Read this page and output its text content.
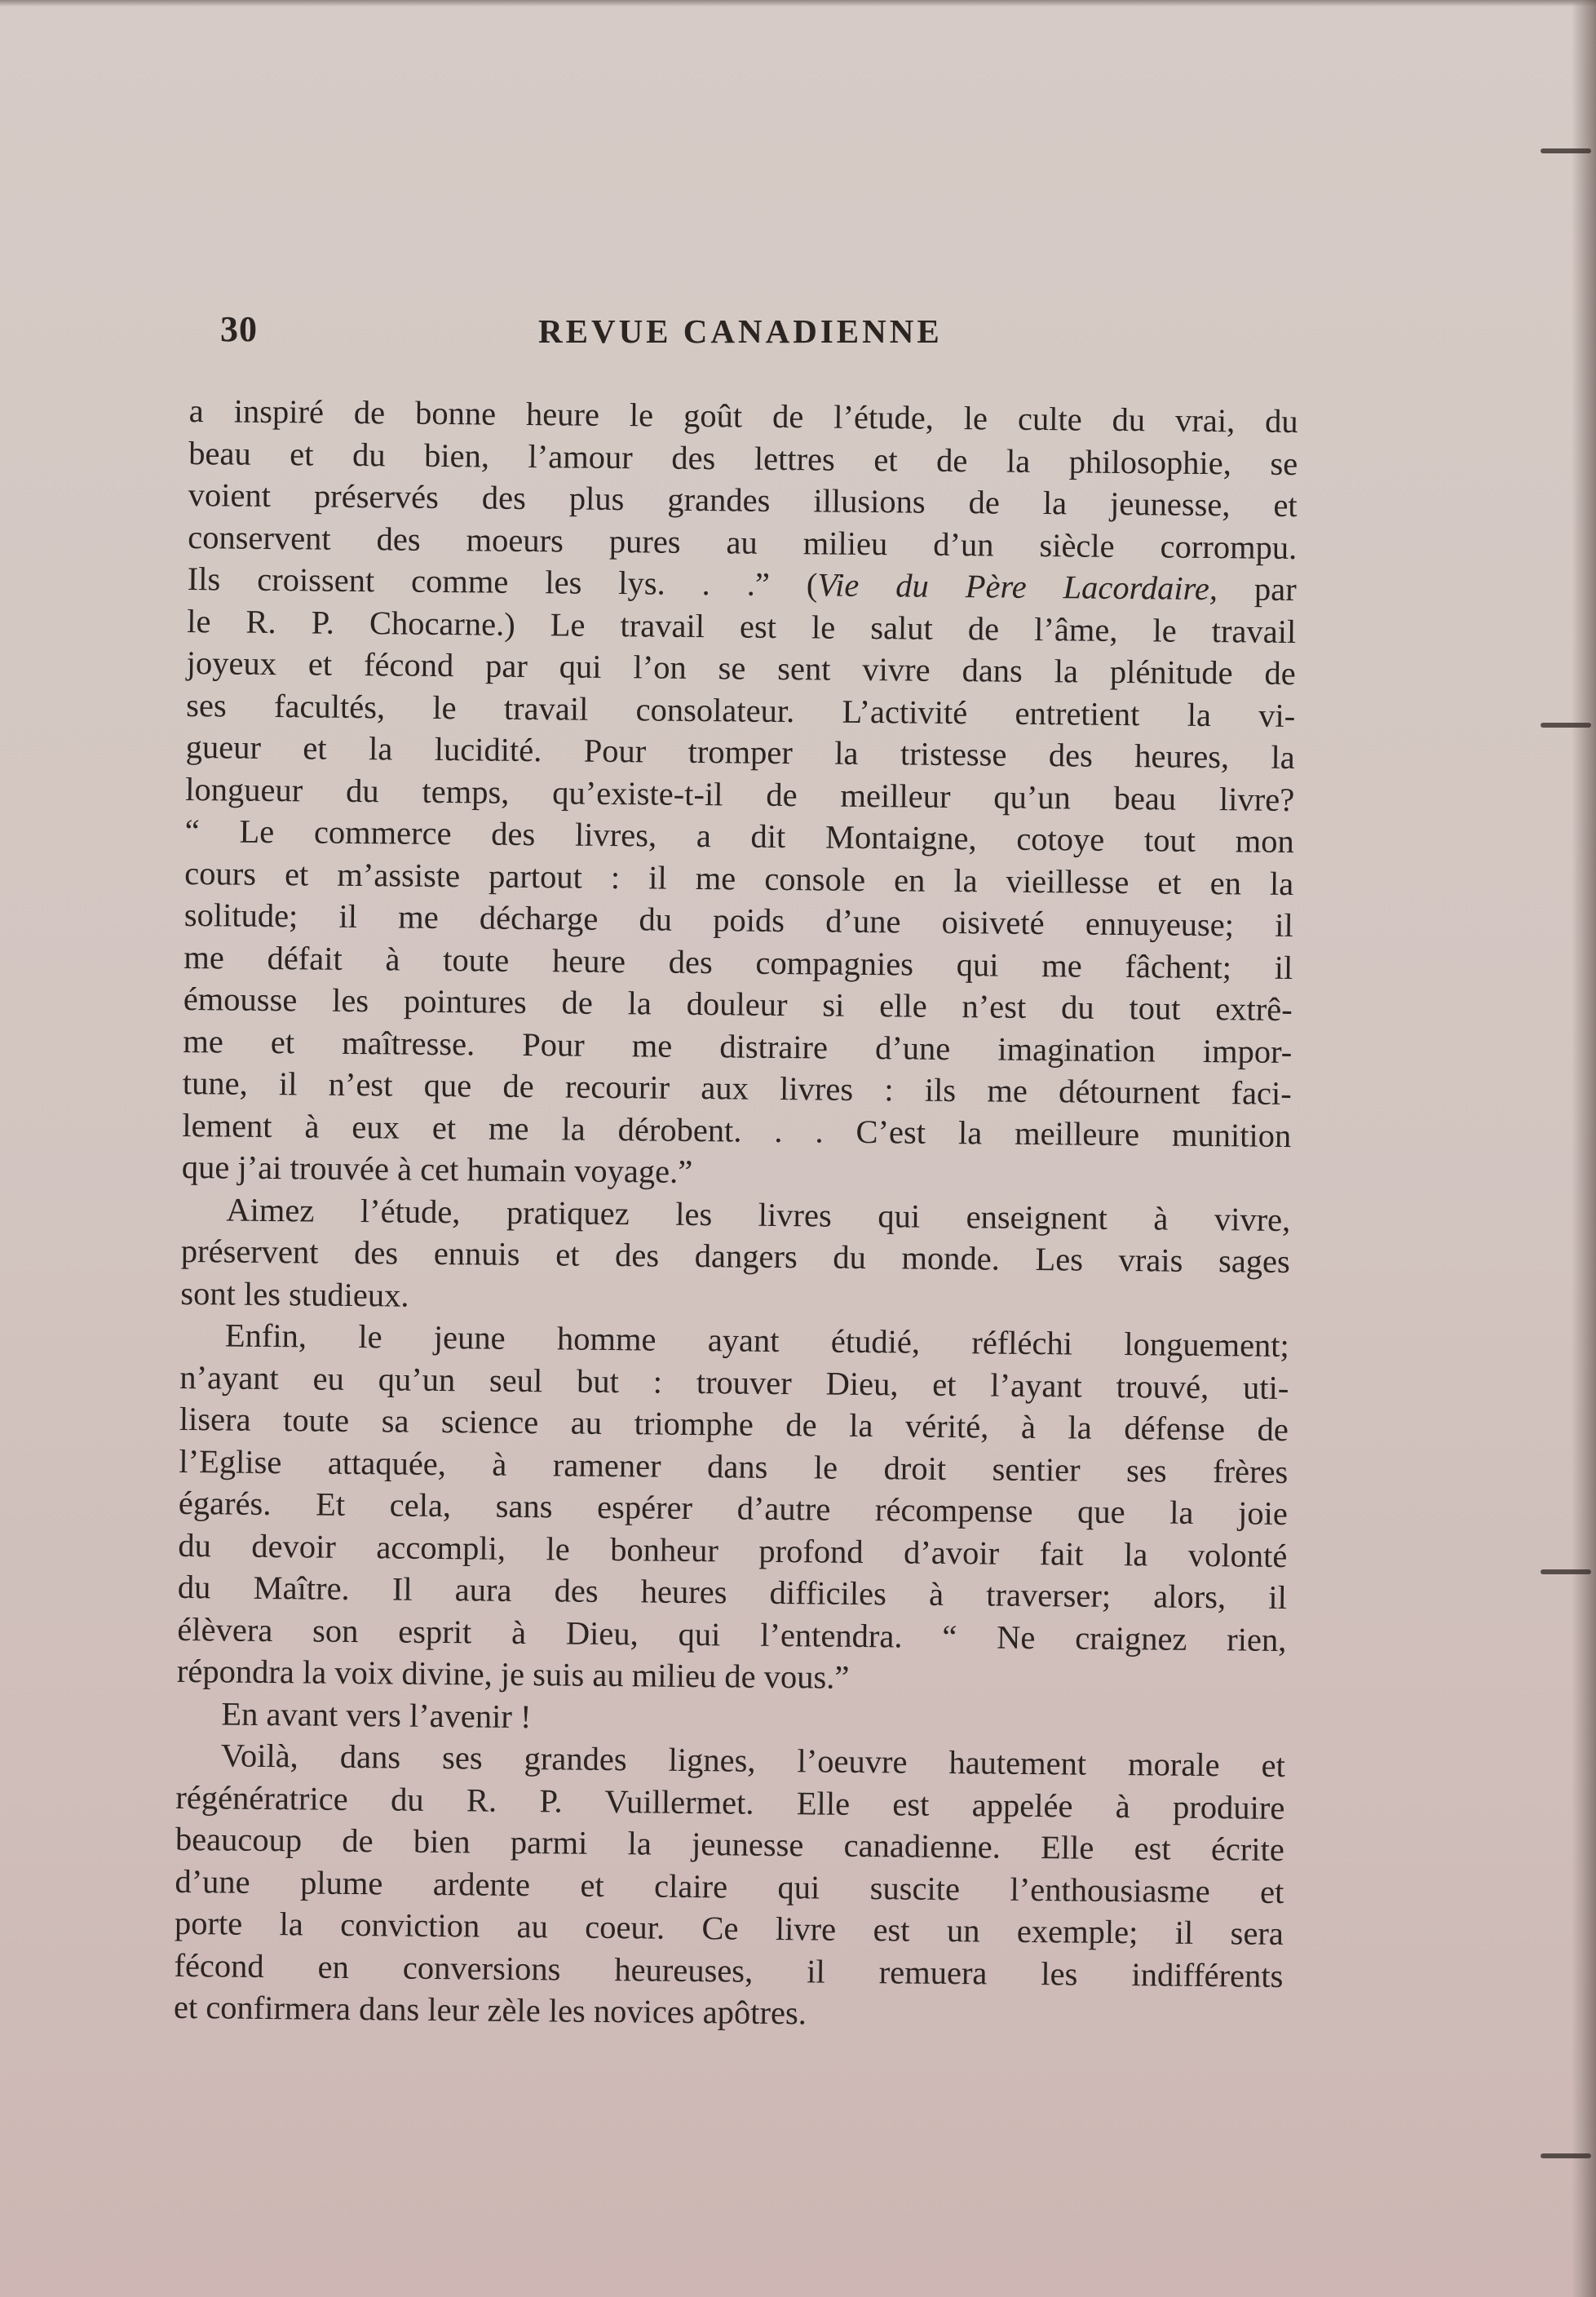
30	REVUE CANADIENNE
a inspiré de bonne heure le goût de l’étude, le culte du vrai, du
beau et du bien, l’amour des lettres et de la philosophie, se
voient préservés des plus grandes illusions de la jeunesse, et
conservent des moeurs pures au milieu d’un siècle corrompu.
Ils croissent comme les lys. . .” (Vie du Père Lacordaire, par
le R. P. Chocarne.) Le travail est le salut de l’âme, le travail
joyeux et fécond par qui l’on se sent vivre dans la plénitude de
ses facultés, le travail consolateur. L’activité entretient la vi-
gueur et la lucidité. Pour tromper la tristesse des heures, la
longueur du temps, qu’existe-t-il de meilleur qu’un beau livre?
“ Le commerce des livres, a dit Montaigne, cotoye tout mon
cours et m’assiste partout : il me console en la vieillesse et en la
solitude; il me décharge du poids d’une oisiveté ennuyeuse; il
me défait à toute heure des compagnies qui me fâchent; il
émousse les pointures de la douleur si elle n’est du tout extrê-
me et maîtresse. Pour me distraire d’une imagination impor-
tune, il n’est que de recourir aux livres : ils me détournent faci-
lement à eux et me la dérobent. . . C’est la meilleure munition
que j’ai trouvée à cet humain voyage.”
Aimez l’étude, pratiquez les livres qui enseignent à vivre,
préservent des ennuis et des dangers du monde. Les vrais sages
sont les studieux.
Enfin, le jeune homme ayant étudié, réfléchi longuement;
n’ayant eu qu’un seul but : trouver Dieu, et l’ayant trouvé, uti-
lisera toute sa science au triomphe de la vérité, à la défense de
l’Eglise attaquée, à ramener dans le droit sentier ses frères
égarés. Et cela, sans espérer d’autre récompense que la joie
du devoir accompli, le bonheur profond d’avoir fait la volonté
du Maître. Il aura des heures difficiles à traverser; alors, il
élèvera son esprit à Dieu, qui l’entendra. “ Ne craignez rien,
répondra la voix divine, je suis au milieu de vous.”
En avant vers l’avenir !
Voilà, dans ses grandes lignes, l’oeuvre hautement morale et
régénératrice du R. P. Vuillermet. Elle est appelée à produire
beaucoup de bien parmi la jeunesse canadienne. Elle est écrite
d’une plume ardente et claire qui suscite l’enthousiasme et
porte la conviction au coeur. Ce livre est un exemple; il sera
fécond en conversions heureuses, il remuera les indifférents
et confirmera dans leur zèle les novices apôtres.
